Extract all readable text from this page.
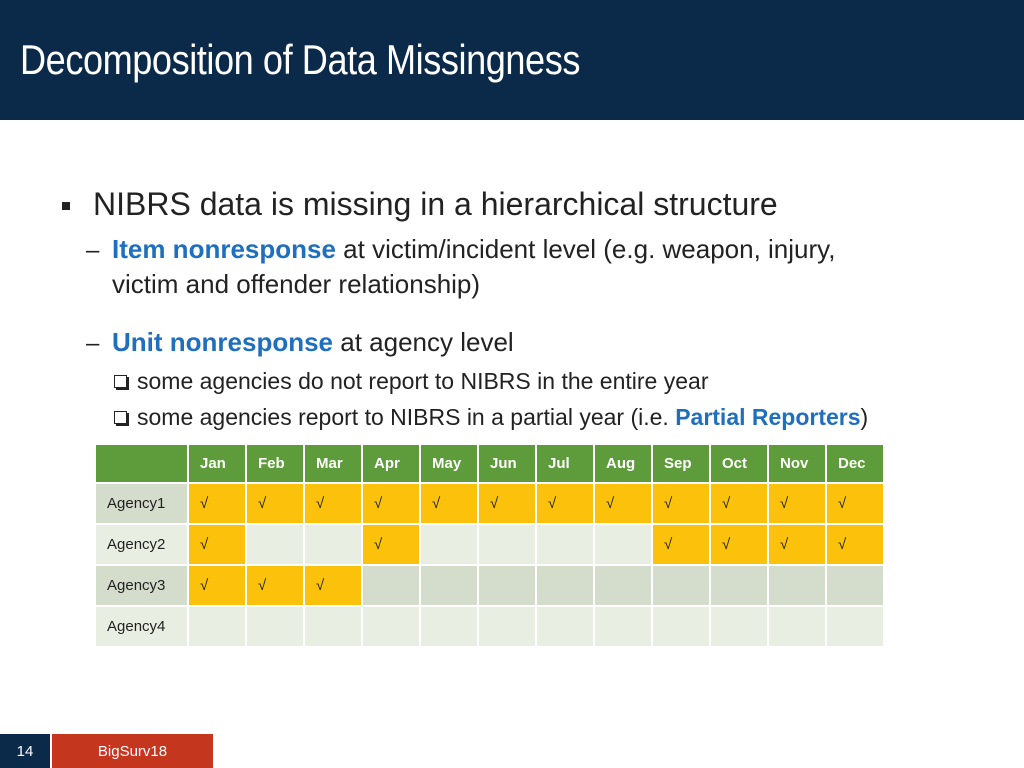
Decomposition of Data Missingness
NIBRS data is missing in a hierarchical structure
– Item nonresponse at victim/incident level (e.g. weapon, injury,
victim and offender relationship)
– Unit nonresponse at agency level
some agencies do not report to NIBRS in the entire year
some agencies report to NIBRS in a partial year (i.e. Partial Reporters)
	Jan	Feb	Mar	Apr	May	Jun	Jul	Aug	Sep	Oct	Nov	Dec
Agency1	√	√	√	√	√	√	√	√	√	√	√	√
Agency2	√			√					√	√	√	√
Agency3	√	√	√									
Agency4												
14	BigSurv18
